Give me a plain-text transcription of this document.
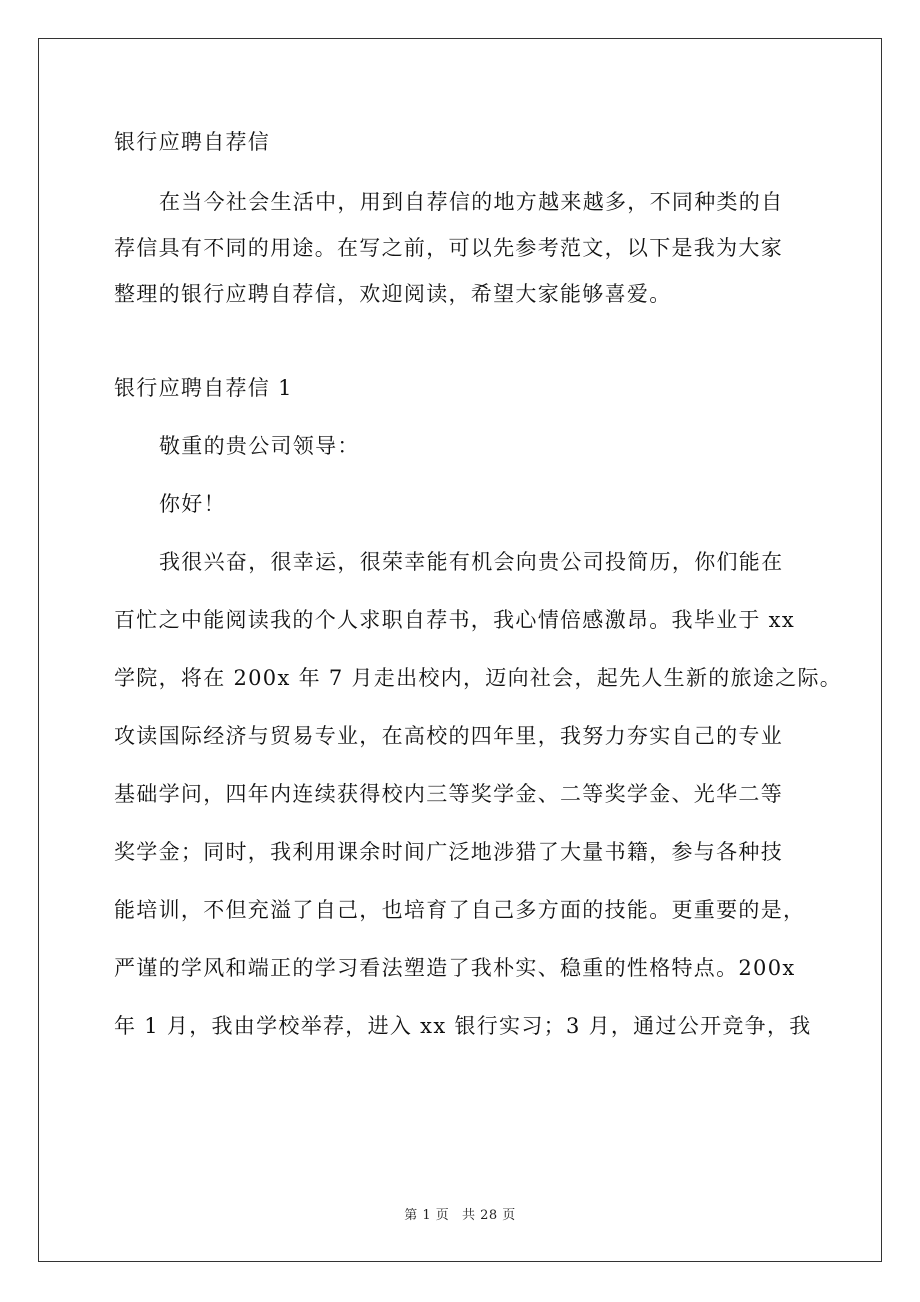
银行应聘自荐信
在当今社会生活中，用到自荐信的地方越来越多，不同种类的自
荐信具有不同的用途。在写之前，可以先参考范文，以下是我为大家
整理的银行应聘自荐信，欢迎阅读，希望大家能够喜爱。
银行应聘自荐信 1
敬重的贵公司领导：
你好！
我很兴奋，很幸运，很荣幸能有机会向贵公司投简历，你们能在
百忙之中能阅读我的个人求职自荐书，我心情倍感激昂。我毕业于 xx
学院，将在 200x 年 7 月走出校内，迈向社会，起先人生新的旅途之际。
攻读国际经济与贸易专业，在高校的四年里，我努力夯实自己的专业
基础学问，四年内连续获得校内三等奖学金、二等奖学金、光华二等
奖学金；同时，我利用课余时间广泛地涉猎了大量书籍，参与各种技
能培训，不但充溢了自己，也培育了自己多方面的技能。更重要的是，
严谨的学风和端正的学习看法塑造了我朴实、稳重的性格特点。200x
年 1 月，我由学校举荐，进入 xx 银行实习；3 月，通过公开竞争，我
第 1 页 共 28 页
